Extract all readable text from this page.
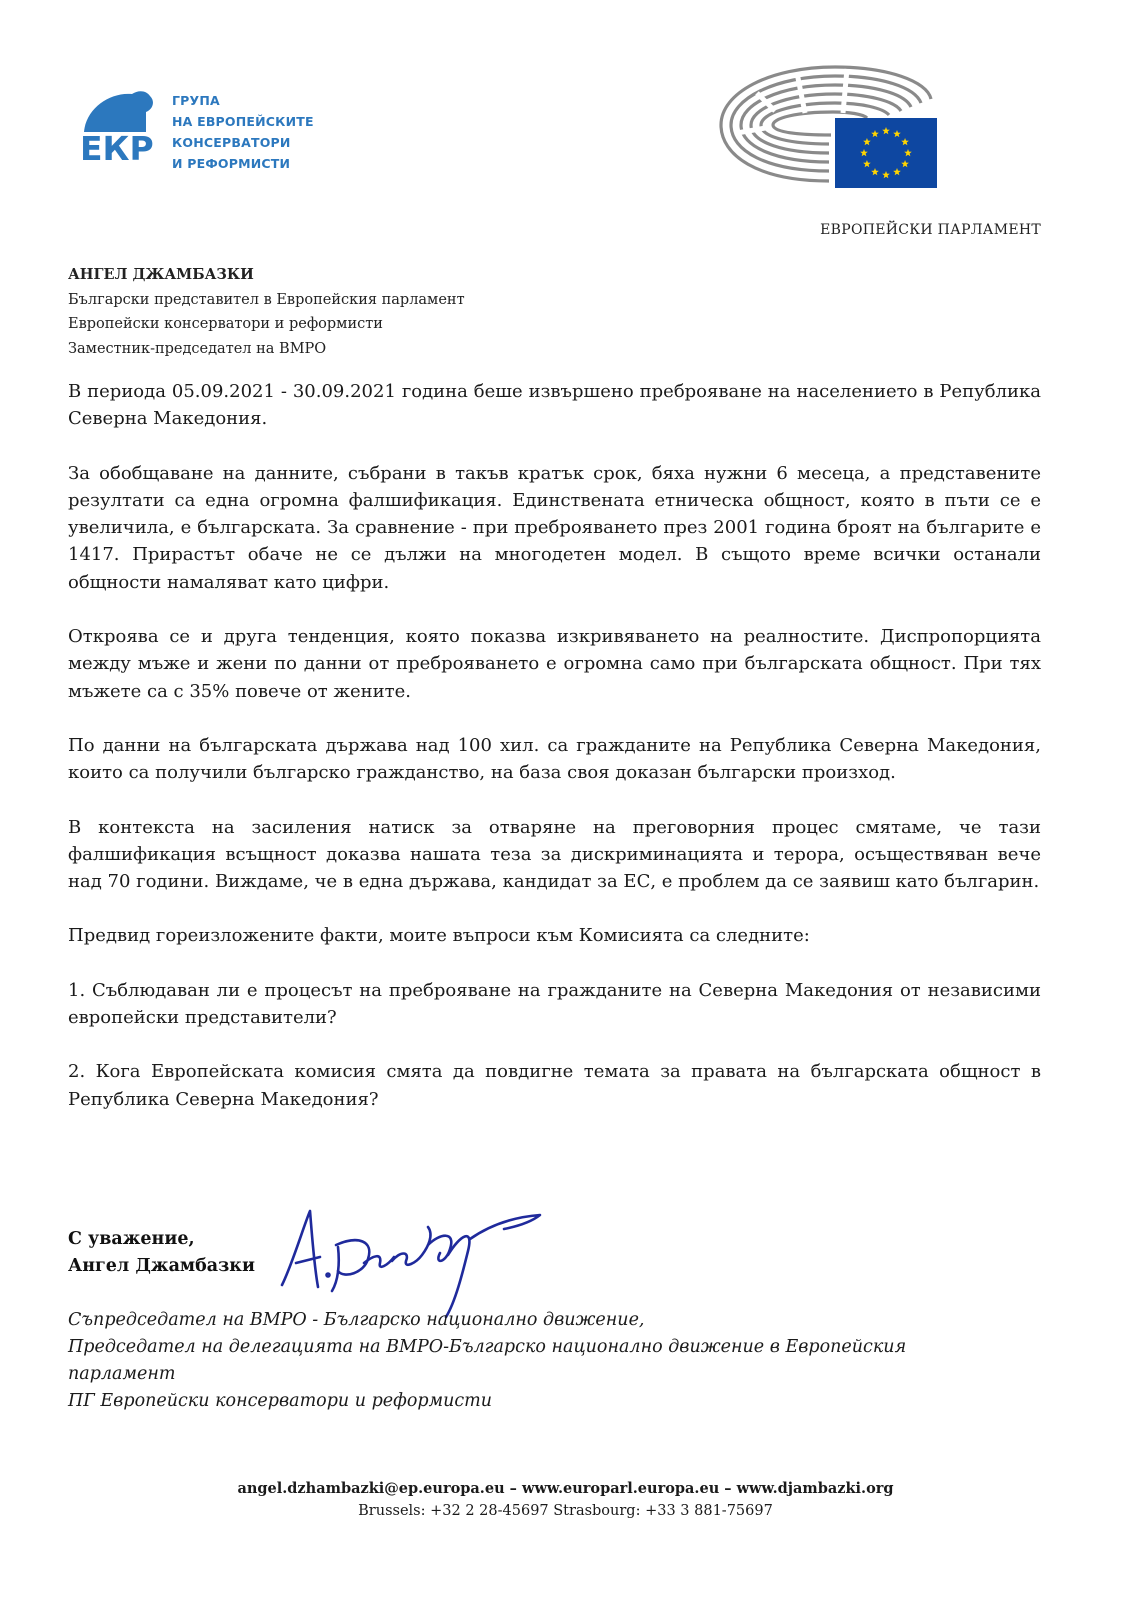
ЕКР
ГРУПА
НА ЕВРОПЕЙСКИТЕ
КОНСЕРВАТОРИ
И РЕФОРМИСТИ
ЕВРОПЕЙСКИ ПАРЛАМЕНТ
АНГЕЛ ДЖАМБАЗКИ
Български представител в Европейския парламент
Европейски консерватори и реформисти
Заместник-председател на ВМРО

В периода 05.09.2021 - 30.09.2021 година беше извършено преброяване на населението в Република Северна Македония.

За обобщаване на данните, събрани в такъв кратък срок, бяха нужни 6 месеца, а представените резултати са една огромна фалшификация. Единствената етническа общност, която в пъти се е увеличила, е българската. За сравнение - при преброяването през 2001 година броят на българите е 1417. Прирастът обаче не се дължи на многодетен модел. В същото време всички останали общности намаляват като цифри.

Откроява се и друга тенденция, която показва изкривяването на реалностите. Диспропорцията между мъже и жени по данни от преброяването е огромна само при българската общност. При тях мъжете са с 35% повече от жените.

По данни на българската държава над 100 хил. са гражданите на Република Северна Македония, които са получили българско гражданство, на база своя доказан български произход.

В контекста на засиления натиск за отваряне на преговорния процес смятаме, че тази фалшификация всъщност доказва нашата теза за дискриминацията и терора, осъществяван вече над 70 години. Виждаме, че в една държава, кандидат за ЕС, е проблем да се заявиш като българин.

Предвид гореизложените факти, моите въпроси към Комисията са следните:

1. Съблюдаван ли е процесът на преброяване на гражданите на Северна Македония от независими европейски представители?

2. Кога Европейската комисия смята да повдигне темата за правата на българската общност в Република Северна Македония?

С уважение,
Ангел Джамбазки
Съпредседател на ВМРО - Българско национално движение,
Председател на делегацията на ВМРО-Българско национално движение в Европейския
парламент
ПГ Европейски консерватори и реформисти
angel.dzhambazki@ep.europa.eu – www.europarl.europa.eu – www.djambazki.org
Brussels: +32 2 28-45697 Strasbourg: +33 3 881-75697
